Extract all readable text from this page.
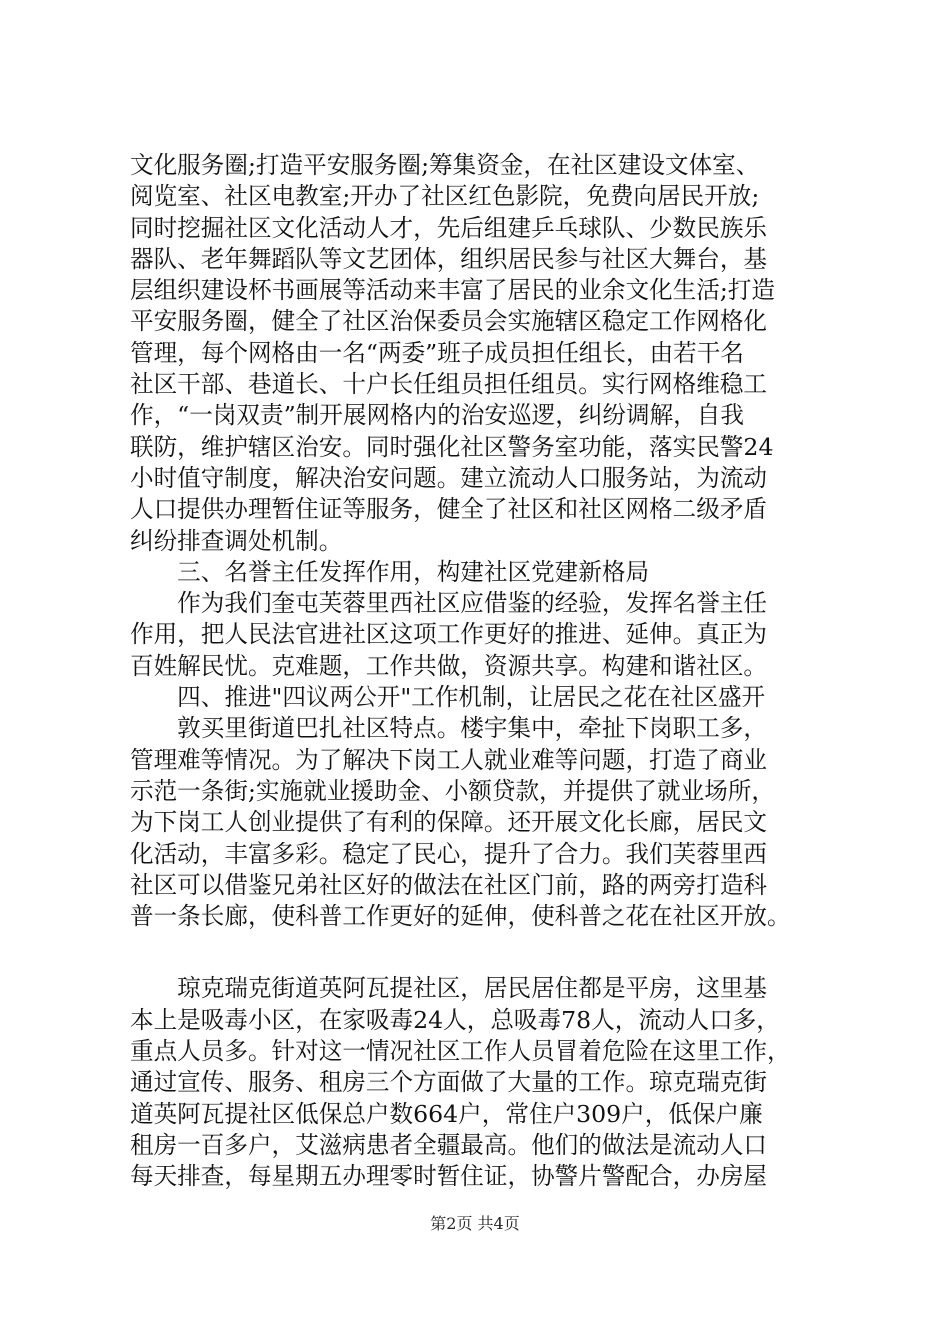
文化服务圈;打造平安服务圈;筹集资金，在社区建设文体室、
阅览室、社区电教室;开办了社区红色影院，免费向居民开放;
同时挖掘社区文化活动人才，先后组建乒乓球队、少数民族乐
器队、老年舞蹈队等文艺团体，组织居民参与社区大舞台，基
层组织建设杯书画展等活动来丰富了居民的业余文化生活;打造
平安服务圈，健全了社区治保委员会实施辖区稳定工作网格化
管理，每个网格由一名“两委”班子成员担任组长，由若干名
社区干部、巷道长、十户长任组员担任组员。实行网格维稳工
作，“一岗双责”制开展网格内的治安巡逻，纠纷调解，自我
联防，维护辖区治安。同时强化社区警务室功能，落实民警24
小时值守制度，解决治安问题。建立流动人口服务站，为流动
人口提供办理暂住证等服务，健全了社区和社区网格二级矛盾
纠纷排查调处机制。
　　三、名誉主任发挥作用，构建社区党建新格局
　　作为我们奎屯芙蓉里西社区应借鉴的经验，发挥名誉主任
作用，把人民法官进社区这项工作更好的推进、延伸。真正为
百姓解民忧。克难题，工作共做，资源共享。构建和谐社区。
　　四、推进"四议两公开"工作机制，让居民之花在社区盛开
　　敦买里街道巴扎社区特点。楼宇集中，牵扯下岗职工多，
管理难等情况。为了解决下岗工人就业难等问题，打造了商业
示范一条街;实施就业援助金、小额贷款，并提供了就业场所，
为下岗工人创业提供了有利的保障。还开展文化长廊，居民文
化活动，丰富多彩。稳定了民心，提升了合力。我们芙蓉里西
社区可以借鉴兄弟社区好的做法在社区门前，路的两旁打造科
普一条长廊，使科普工作更好的延伸，使科普之花在社区开放。
　　琼克瑞克街道英阿瓦提社区，居民居住都是平房，这里基
本上是吸毒小区，在家吸毒24人，总吸毒78人，流动人口多，
重点人员多。针对这一情况社区工作人员冒着危险在这里工作，
通过宣传、服务、租房三个方面做了大量的工作。琼克瑞克街
道英阿瓦提社区低保总户数664户，常住户309户，低保户廉
租房一百多户，艾滋病患者全疆最高。他们的做法是流动人口
每天排查，每星期五办理零时暂住证，协警片警配合，办房屋
第2页 共4页
